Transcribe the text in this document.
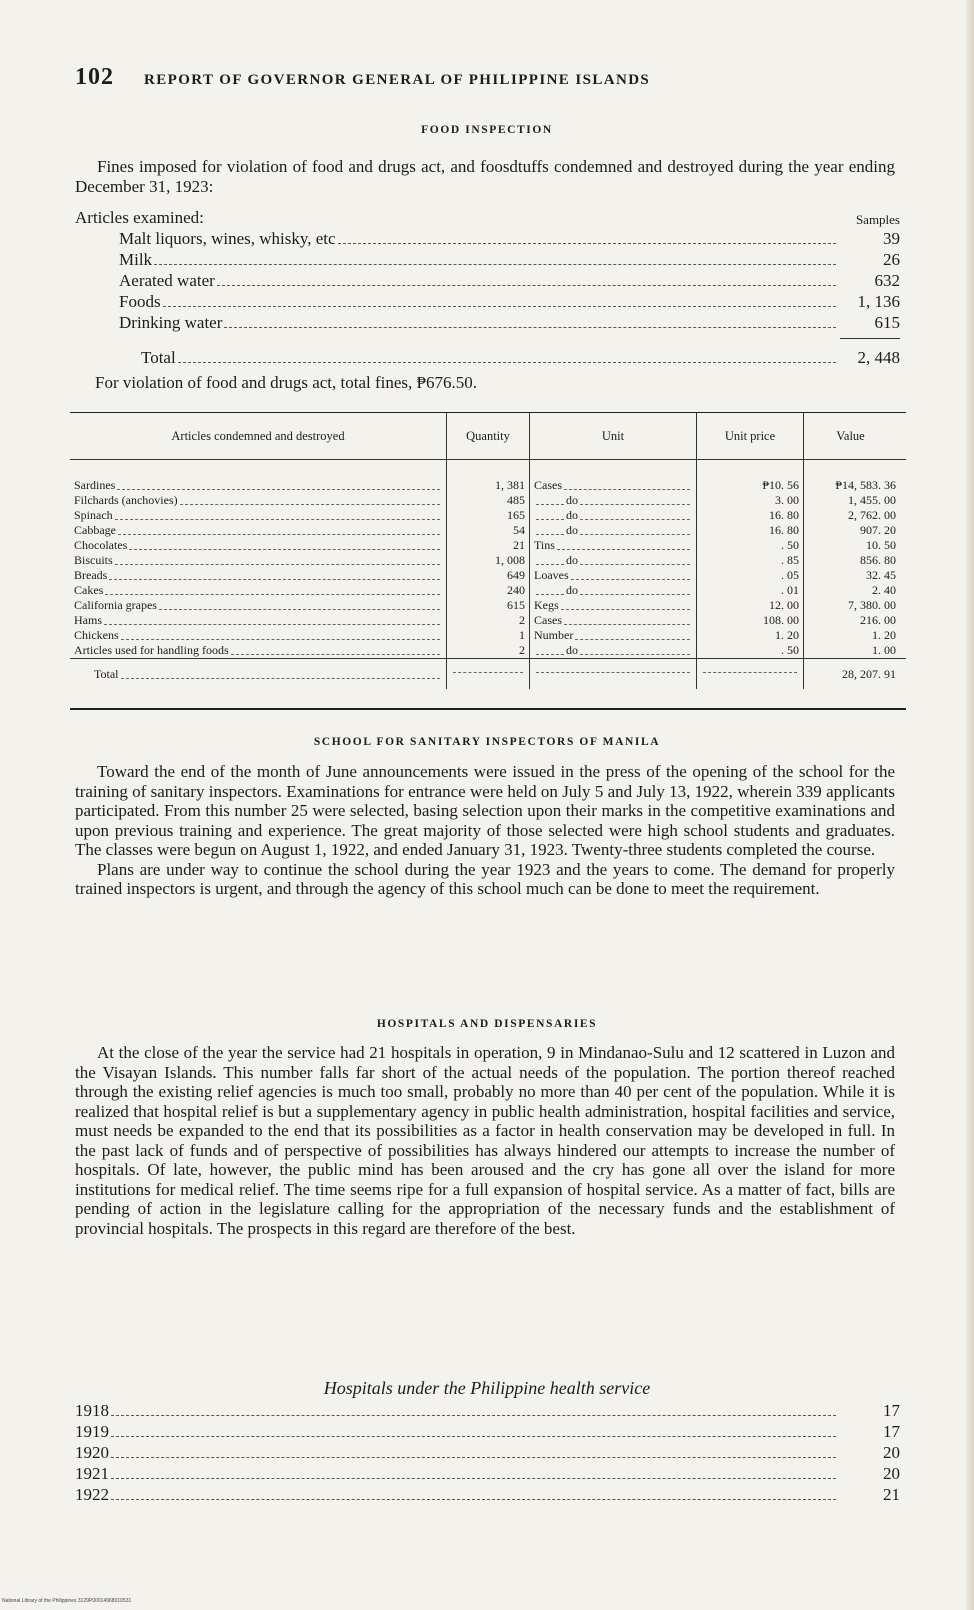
102 REPORT OF GOVERNOR GENERAL OF PHILIPPINE ISLANDS
FOOD INSPECTION

Fines imposed for violation of food and drugs act, and foosdtuffs condemned and destroyed during the year ending December 31, 1923:

Articles examined:	Samples
Malt liquors, wines, whisky, etc	39
Milk	26
Aerated water	632
Foods	1, 136
Drinking water	615
Total	2, 448
For violation of food and drugs act, total fines, ₱676.50.
Articles condemned and destroyed	Quantity	Unit	Unit price	Value

Sardines	1, 381	Cases	₱10. 56	₱14, 583. 36

Filchards (anchovies)	485	do	3. 00	1, 455. 00

Spinach	165	do	16. 80	2, 762. 00

Cabbage	54	do	16. 80	907. 20

Chocolates	21	Tins	. 50	10. 50

Biscuits	1, 008	do	. 85	856. 80

Breads	649	Loaves	. 05	32. 45

Cakes	240	do	. 01	2. 40

California grapes	615	Kegs	12. 00	7, 380. 00

Hams	2	Cases	108. 00	216. 00

Chickens	1	Number	1. 20	1. 20

Articles used for handling foods	2	do	. 50	1. 00

Total				28, 207. 91
SCHOOL FOR SANITARY INSPECTORS OF MANILA

Toward the end of the month of June announcements were issued in the press of the opening of the school for the training of sanitary inspectors. Examinations for entrance were held on July 5 and July 13, 1922, wherein 339 applicants participated. From this number 25 were selected, basing selection upon their marks in the competitive examinations and upon previous training and experience. The great majority of those selected were high school students and graduates. The classes were begun on August 1, 1922, and ended January 31, 1923. Twenty-three students completed the course.

Plans are under way to continue the school during the year 1923 and the years to come. The demand for properly trained inspectors is urgent, and through the agency of this school much can be done to meet the requirement.

HOSPITALS AND DISPENSARIES

At the close of the year the service had 21 hospitals in operation, 9 in Mindanao-Sulu and 12 scattered in Luzon and the Visayan Islands. This number falls far short of the actual needs of the population. The portion thereof reached through the existing relief agencies is much too small, probably no more than 40 per cent of the population. While it is realized that hospital relief is but a supplementary agency in public health administration, hospital facilities and service, must needs be expanded to the end that its possibilities as a factor in health conservation may be developed in full. In the past lack of funds and of perspective of possibilities has always hindered our attempts to increase the number of hospitals. Of late, however, the public mind has been aroused and the cry has gone all over the island for more institutions for medical relief. The time seems ripe for a full expansion of hospital service. As a matter of fact, bills are pending of action in the legislature calling for the appropriation of the necessary funds and the establishment of provincial hospitals. The prospects in this regard are therefore of the best.

Hospitals under the Philippine health service
1918	17
1919	17
1920	20
1921	20
1922	21
National Library of the Philippines 3129P00014968010531
